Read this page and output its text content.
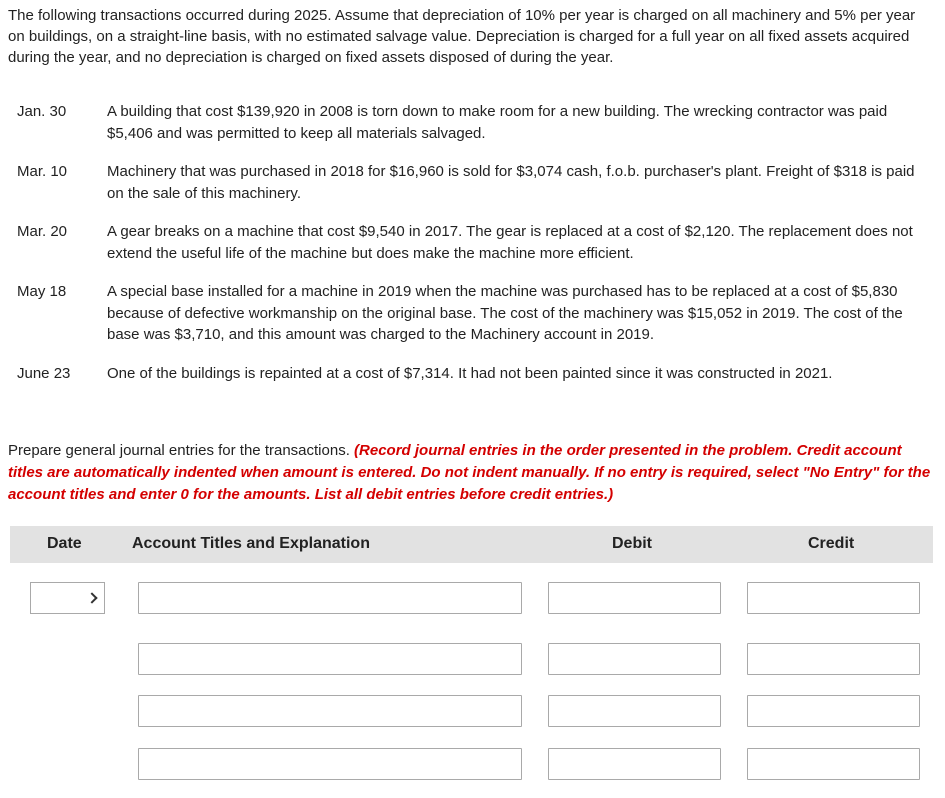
The following transactions occurred during 2025. Assume that depreciation of 10% per year is charged on all machinery and 5% per year on buildings, on a straight-line basis, with no estimated salvage value. Depreciation is charged for a full year on all fixed assets acquired during the year, and no depreciation is charged on fixed assets disposed of during the year.

Jan. 30	A building that cost $139,920 in 2008 is torn down to make room for a new building. The wrecking contractor was paid $5,406 and was permitted to keep all materials salvaged.
Mar. 10	Machinery that was purchased in 2018 for $16,960 is sold for $3,074 cash, f.o.b. purchaser's plant. Freight of $318 is paid on the sale of this machinery.
Mar. 20	A gear breaks on a machine that cost $9,540 in 2017. The gear is replaced at a cost of $2,120. The replacement does not extend the useful life of the machine but does make the machine more efficient.
May 18	A special base installed for a machine in 2019 when the machine was purchased has to be replaced at a cost of $5,830 because of defective workmanship on the original base. The cost of the machinery was $15,052 in 2019. The cost of the base was $3,710, and this amount was charged to the Machinery account in 2019.
June 23	One of the buildings is repainted at a cost of $7,314. It had not been painted since it was constructed in 2021.

Prepare general journal entries for the transactions. (Record journal entries in the order presented in the problem. Credit account titles are automatically indented when amount is entered. Do not indent manually. If no entry is required, select "No Entry" for the account titles and enter 0 for the amounts. List all debit entries before credit entries.)

Date	Account Titles and Explanation	Debit	Credit
